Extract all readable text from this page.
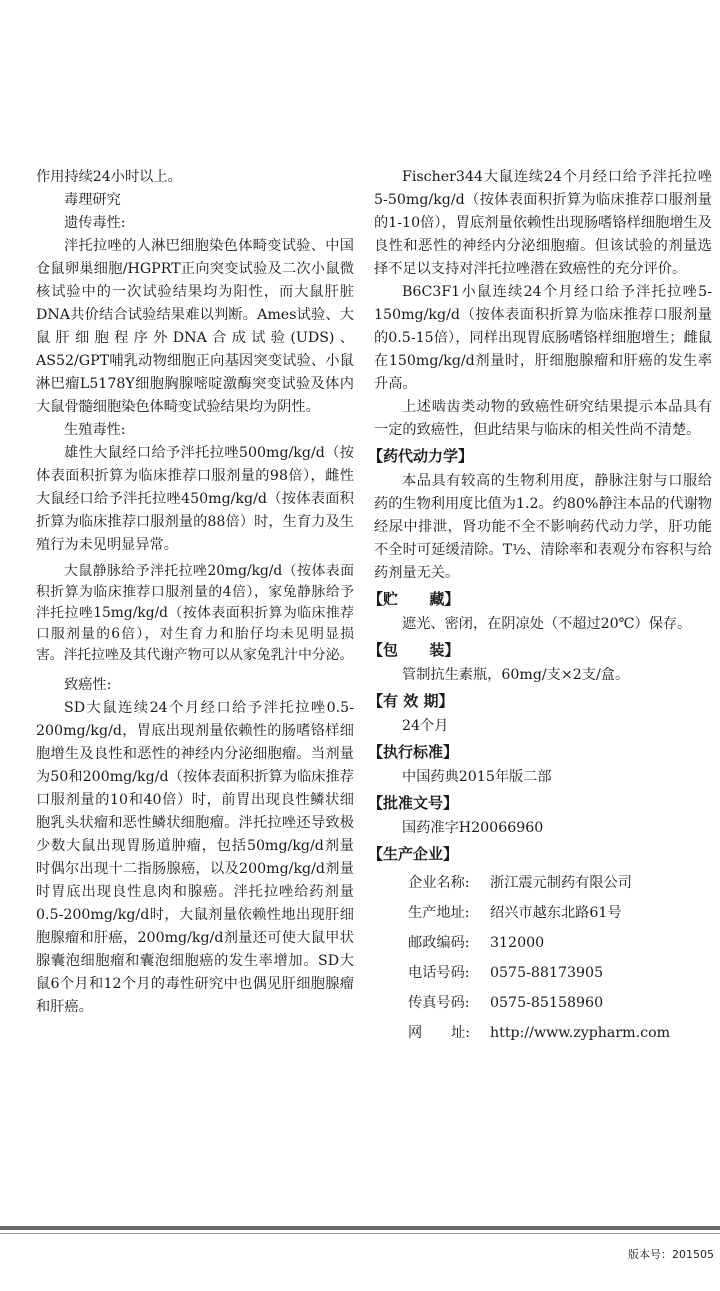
作用持续24小时以上。

毒理研究

遗传毒性:

泮托拉唑的人淋巴细胞染色体畸变试验、中国仓鼠卵巢细胞/HGPRT正向突变试验及二次小鼠微核试验中的一次试验结果均为阳性，而大鼠肝脏DNA共价结合试验结果难以判断。Ames试验、大鼠肝细胞程序外DNA合成试验(UDS)、AS52/GPT哺乳动物细胞正向基因突变试验、小鼠淋巴瘤L5178Y细胞胸腺嘧啶激酶突变试验及体内大鼠骨髓细胞染色体畸变试验结果均为阴性。

生殖毒性:

雄性大鼠经口给予泮托拉唑500mg/kg/d（按体表面积折算为临床推荐口服剂量的98倍），雌性大鼠经口给予泮托拉唑450mg/kg/d（按体表面积折算为临床推荐口服剂量的88倍）时，生育力及生殖行为未见明显异常。

大鼠静脉给予泮托拉唑20mg/kg/d（按体表面积折算为临床推荐口服剂量的4倍），家兔静脉给予泮托拉唑15mg/kg/d（按体表面积折算为临床推荐口服剂量的6倍），对生育力和胎仔均未见明显损害。泮托拉唑及其代谢产物可以从家兔乳汁中分泌。

致癌性:

SD大鼠连续24个月经口给予泮托拉唑0.5-200mg/kg/d，胃底出现剂量依赖性的肠嗜铬样细胞增生及良性和恶性的神经内分泌细胞瘤。当剂量为50和200mg/kg/d（按体表面积折算为临床推荐口服剂量的10和40倍）时，前胃出现良性鳞状细胞乳头状瘤和恶性鳞状细胞瘤。泮托拉唑还导致极少数大鼠出现胃肠道肿瘤，包括50mg/kg/d剂量时偶尔出现十二指肠腺癌，以及200mg/kg/d剂量时胃底出现良性息肉和腺癌。泮托拉唑给药剂量0.5-200mg/kg/d时，大鼠剂量依赖性地出现肝细胞腺瘤和肝癌，200mg/kg/d剂量还可使大鼠甲状腺囊泡细胞瘤和囊泡细胞癌的发生率增加。SD大鼠6个月和12个月的毒性研究中也偶见肝细胞腺瘤和肝癌。

Fischer344大鼠连续24个月经口给予泮托拉唑5-50mg/kg/d（按体表面积折算为临床推荐口服剂量的1-10倍），胃底剂量依赖性出现肠嗜铬样细胞增生及良性和恶性的神经内分泌细胞瘤。但该试验的剂量选择不足以支持对泮托拉唑潜在致癌性的充分评价。

B6C3F1小鼠连续24个月经口给予泮托拉唑5-150mg/kg/d（按体表面积折算为临床推荐口服剂量的0.5-15倍），同样出现胃底肠嗜铬样细胞增生；雌鼠在150mg/kg/d剂量时，肝细胞腺瘤和肝癌的发生率升高。

上述啮齿类动物的致癌性研究结果提示本品具有一定的致癌性，但此结果与临床的相关性尚不清楚。

【药代动力学】

本品具有较高的生物利用度，静脉注射与口服给药的生物利用度比值为1.2。约80%静注本品的代谢物经尿中排泄，肾功能不全不影响药代动力学，肝功能不全时可延缓清除。T½、清除率和表观分布容积与给药剂量无关。

【贮      藏】

遮光、密闭，在阴凉处（不超过20℃）保存。

【包      装】

管制抗生素瓶，60mg/支×2支/盒。

【有 效 期】

24个月

【执行标准】

中国药典2015年版二部

【批准文号】

国药准字H20066960

【生产企业】
企业名称:	浙江震元制药有限公司
生产地址:	绍兴市越东北路61号
邮政编码:	312000
电话号码:	0575-88173905
传真号码:	0575-85158960
网 址: http://www.zypharm.com
版本号：201505
